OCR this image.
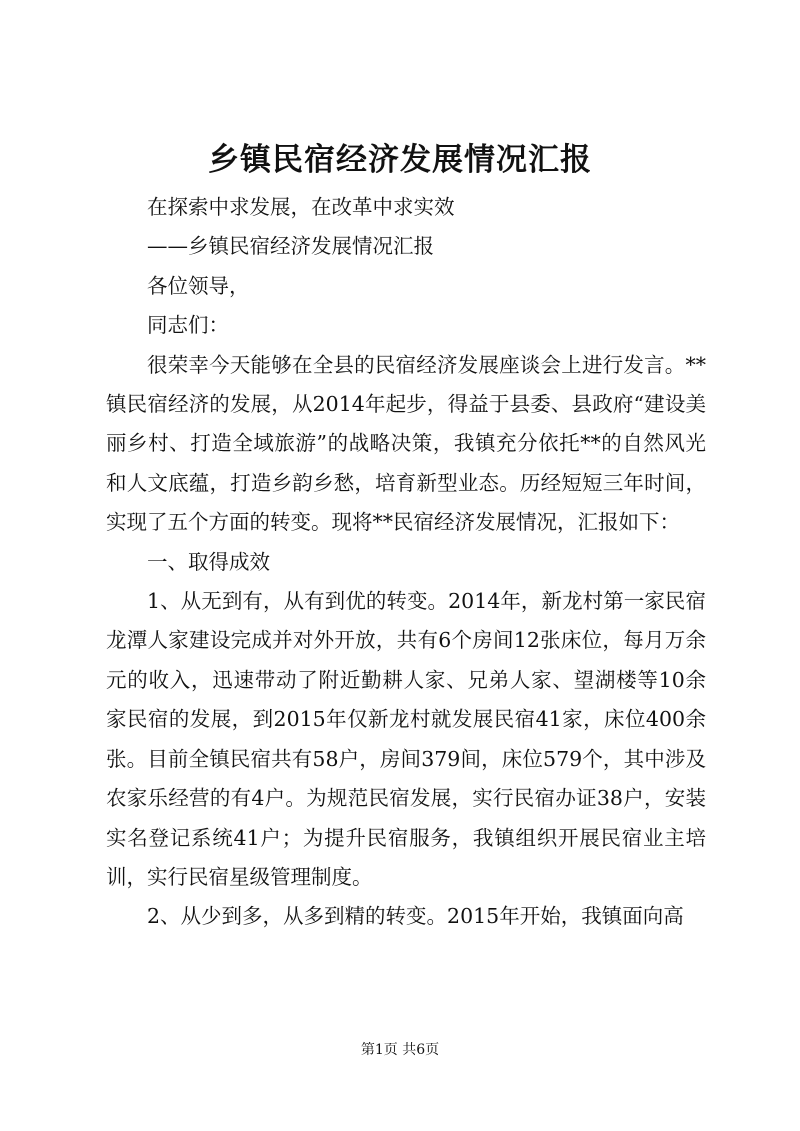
乡镇民宿经济发展情况汇报

在探索中求发展，在改革中求实效

——乡镇民宿经济发展情况汇报

各位领导，

同志们：

很荣幸今天能够在全县的民宿经济发展座谈会上进行发言。**镇民宿经济的发展，从2014年起步，得益于县委、县政府“建设美丽乡村、打造全域旅游”的战略决策，我镇充分依托**的自然风光和人文底蕴，打造乡韵乡愁，培育新型业态。历经短短三年时间，实现了五个方面的转变。现将**民宿经济发展情况，汇报如下：

一、取得成效

1、从无到有，从有到优的转变。2014年，新龙村第一家民宿龙潭人家建设完成并对外开放，共有6个房间12张床位，每月万余元的收入，迅速带动了附近勤耕人家、兄弟人家、望湖楼等10余家民宿的发展，到2015年仅新龙村就发展民宿41家，床位400余张。目前全镇民宿共有58户，房间379间，床位579个，其中涉及农家乐经营的有4户。为规范民宿发展，实行民宿办证38户，安装实名登记系统41户；为提升民宿服务，我镇组织开展民宿业主培训，实行民宿星级管理制度。

2、从少到多，从多到精的转变。2015年开始，我镇面向高

第1页 共6页
